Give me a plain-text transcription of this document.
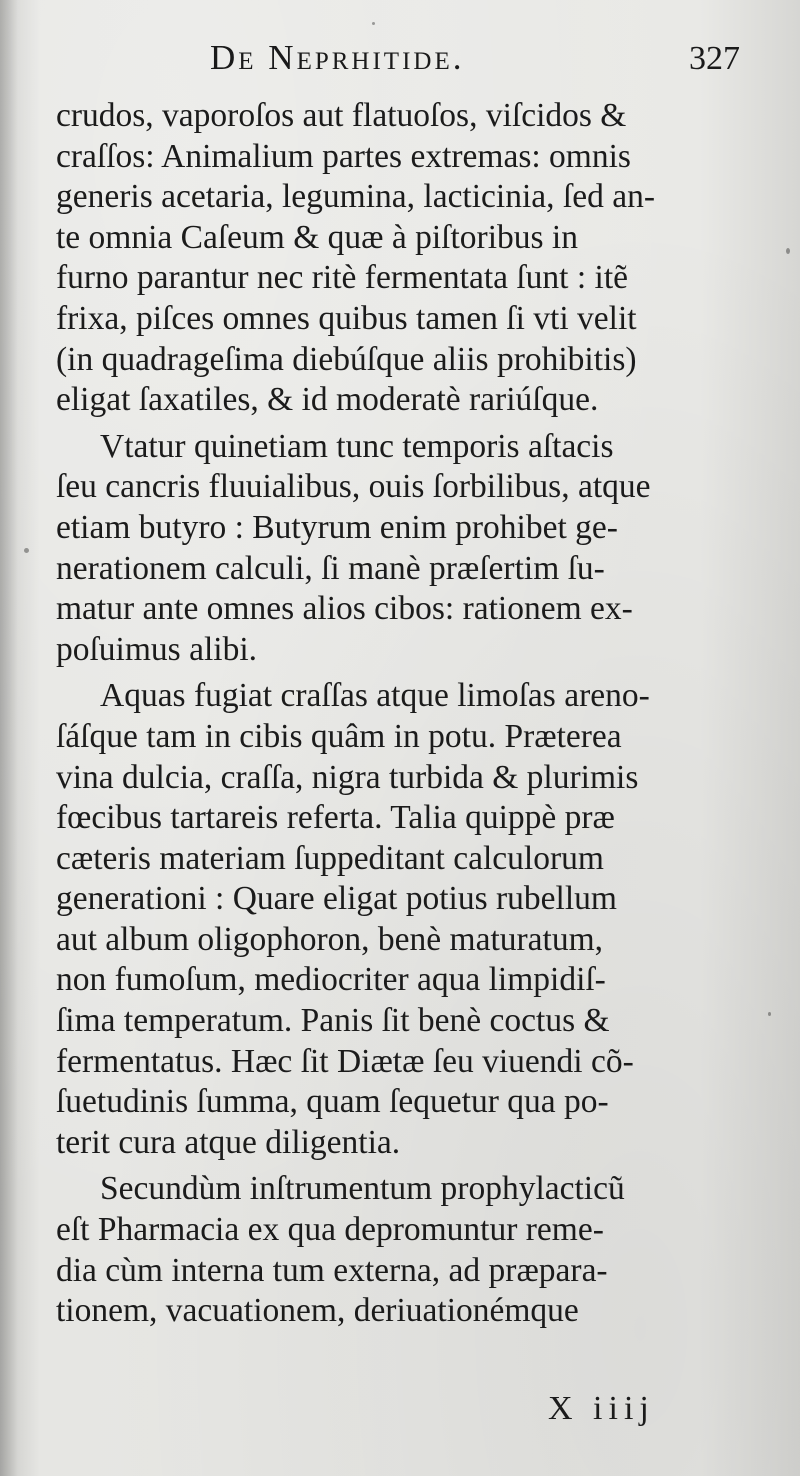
De Neprhitide.	327
crudos, vaporoſos aut flatuoſos, viſcidos &
craſſos: Animalium partes extremas: omnis
generis acetaria, legumina, lacticinia, ſed an-
te omnia Caſeum & quæ à piſtoribus in
furno parantur nec ritè fermentata ſunt : itẽ
frixa, piſces omnes quibus tamen ſi vti velit
(in quadrageſima diebúſque aliis prohibitis)
eligat ſaxatiles, & id moderatè rariúſque.
Vtatur quinetiam tunc temporis aſtacis
ſeu cancris fluuialibus, ouis ſorbilibus, atque
etiam butyro : Butyrum enim prohibet ge-
nerationem calculi, ſi manè præſertim ſu-
matur ante omnes alios cibos: rationem ex-
poſuimus alibi.
Aquas fugiat craſſas atque limoſas areno-
ſáſque tam in cibis quâm in potu. Præterea
vina dulcia, craſſa, nigra turbida & plurimis
fœcibus tartareis referta. Talia quippè præ
cæteris materiam ſuppeditant calculorum
generationi : Quare eligat potius rubellum
aut album oligophoron, benè maturatum,
non fumoſum, mediocriter aqua limpidiſ-
ſima temperatum. Panis ſit benè coctus &
fermentatus. Hæc ſit Diætæ ſeu viuendi cõ-
ſuetudinis ſumma, quam ſequetur qua po-
terit cura atque diligentia.
Secundùm inſtrumentum prophylacticũ
eſt Pharmacia ex qua depromuntur reme-
dia cùm interna tum externa, ad præpara-
tionem, vacuationem, deriuationémque
X iiij
